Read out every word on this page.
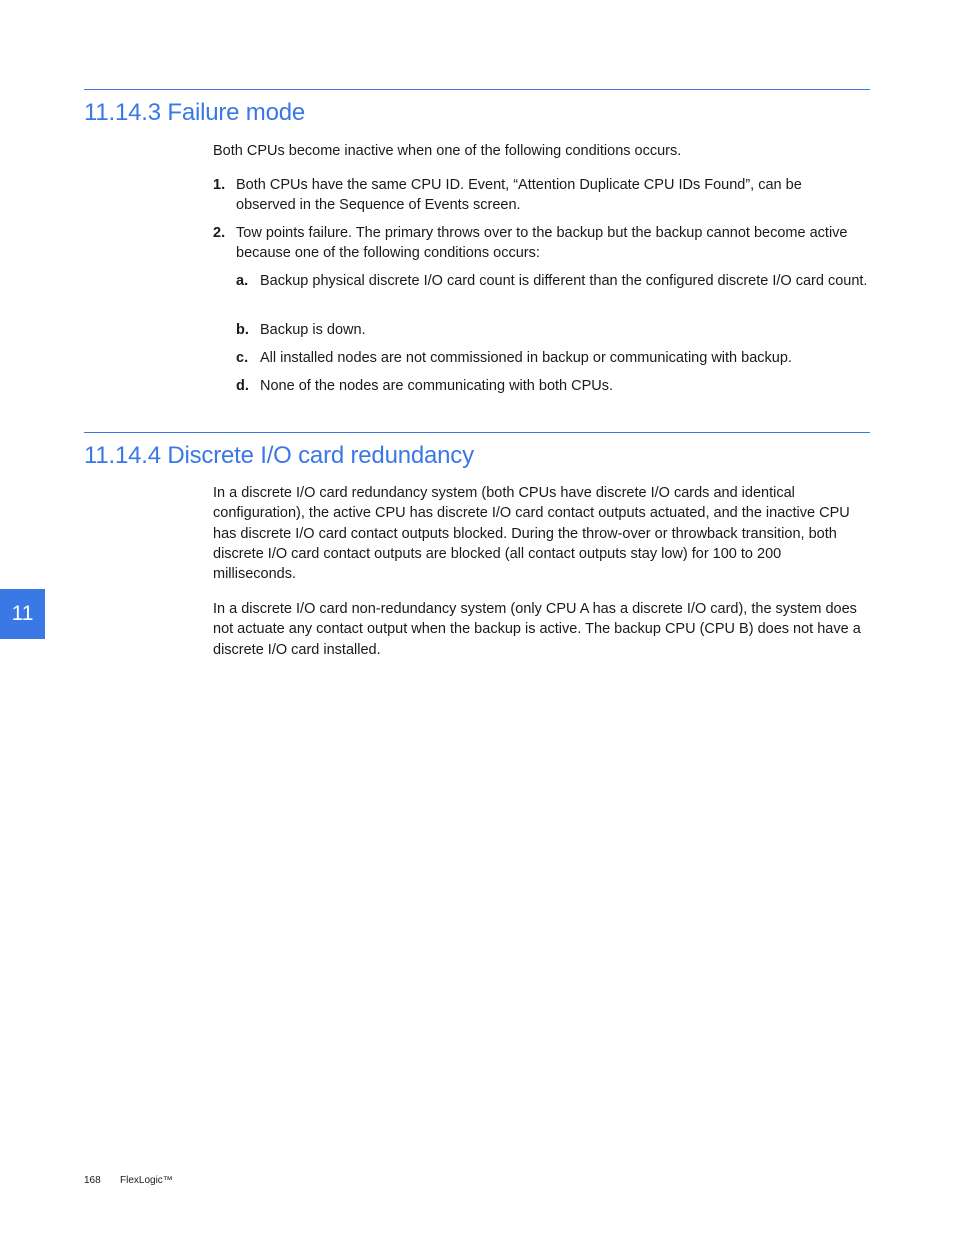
11.14.3 Failure mode

Both CPUs become inactive when one of the following conditions occurs.

1. Both CPUs have the same CPU ID. Event, “Attention Duplicate CPU IDs Found”, can be observed in the Sequence of Events screen.
2. Tow points failure. The primary throws over to the backup but the backup cannot become active because one of the following conditions occurs:
a. Backup physical discrete I/O card count is different than the configured discrete I/O card count.
b. Backup is down.
c. All installed nodes are not commissioned in backup or communicating with backup.
d. None of the nodes are communicating with both CPUs.
11.14.4 Discrete I/O card redundancy

In a discrete I/O card redundancy system (both CPUs have discrete I/O cards and identical configuration), the active CPU has discrete I/O card contact outputs actuated, and the inactive CPU has discrete I/O card contact outputs blocked. During the throw-over or throwback transition, both discrete I/O card contact outputs are blocked (all contact outputs stay low) for 100 to 200 milliseconds.

In a discrete I/O card non-redundancy system (only CPU A has a discrete I/O card), the system does not actuate any contact output when the backup is active. The backup CPU (CPU B) does not have a discrete I/O card installed.

11
168 FlexLogic™
